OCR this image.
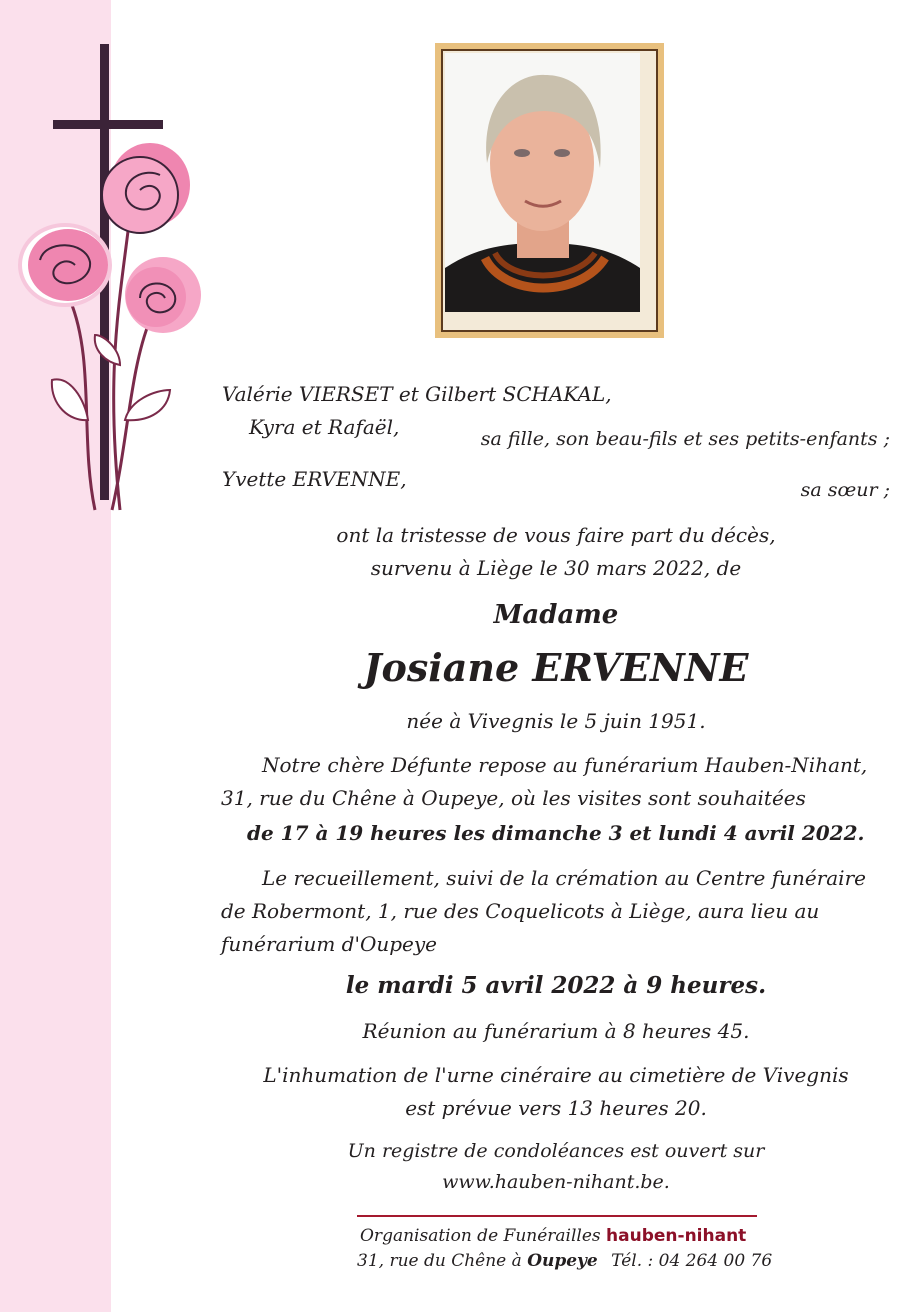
Valérie VIERSET et Gilbert SCHAKAL,
Kyra et Rafaël,	sa fille, son beau-fils et ses petits-enfants ;
Yvette ERVENNE,	sa sœur ;
ont la tristesse de vous faire part du décès,
survenu à Liège le 30 mars 2022, de
Madame
Josiane ERVENNE
née à Vivegnis le 5 juin 1951.
Notre chère Défunte repose au funérarium Hauben-Nihant,
31, rue du Chêne à Oupeye, où les visites sont souhaitées
de 17 à 19 heures les dimanche 3 et lundi 4 avril 2022.
Le recueillement, suivi de la crémation au Centre funéraire
de Robermont, 1, rue des Coquelicots à Liège, aura lieu au
funérarium d'Oupeye
le mardi 5 avril 2022 à 9 heures.
Réunion au funérarium à 8 heures 45.
L'inhumation de l'urne cinéraire au cimetière de Vivegnis
est prévue vers 13 heures 20.
Un registre de condoléances est ouvert sur
www.hauben-nihant.be.
Organisation de Funérailles hauben-nihant
31, rue du Chêne à Oupeye Tél. : 04 264 00 76
